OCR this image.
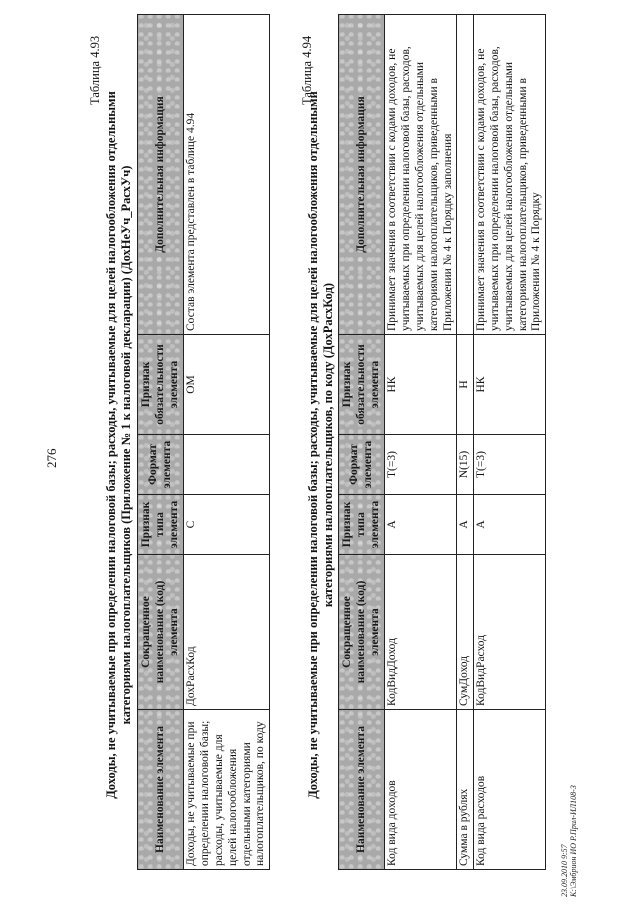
276
Таблица 4.93
Доходы, не учитываемые при определении налоговой базы; расходы, учитываемые для целей налогообложения отдельными категориями налогоплательщиков (Приложение № 1 к налоговой декларации) (ДохНеУч_РасхУч)
Наименование элемента	Сокращенное наименование (код) элемента	Признак типа элемента	Формат элемента	Признак обязательности элемента	Дополнительная информация
Доходы, не учитываемые при определении налоговой базы; расходы, учитываемые для целей налогообложения отдельными категориями налогоплательщиков, по коду	ДохРасхКод	С		ОМ	Состав элемента представлен в таблице 4.94
Таблица 4.94
Доходы, не учитываемые при определении налоговой базы; расходы, учитываемые для целей налогообложения отдельными категориями налогоплательщиков, по коду (ДохРасхКод)
Наименование элемента	Сокращенное наименование (код) элемента	Признак типа элемента	Формат элемента	Признак обязательности элемента	Дополнительная информация
Код вида доходов	КодВидДоход	А	T(=3)	НК	Принимает значения в соответствии с кодами доходов, не учитываемых при определении налоговой базы, расходов, учитываемых для целей налогообложения отдельными категориями налогоплательщиков, приведенными в Приложении № 4 к Порядку заполнения
Сумма в рублях	СумДоход	А	N(15)	Н	
Код вида расходов	КодВидРасход	А	T(=3)	НК	Принимает значения в соответствии с кодами доходов, не учитываемых при определении налоговой базы, расходов, учитываемых для целей налогообложения отдельными категориями налогоплательщиков, приведенными в Приложении № 4 к Порядку
23.09.2010 9:57 К:\Эмбрион ИО Р.Прил-ИЛ108-3
